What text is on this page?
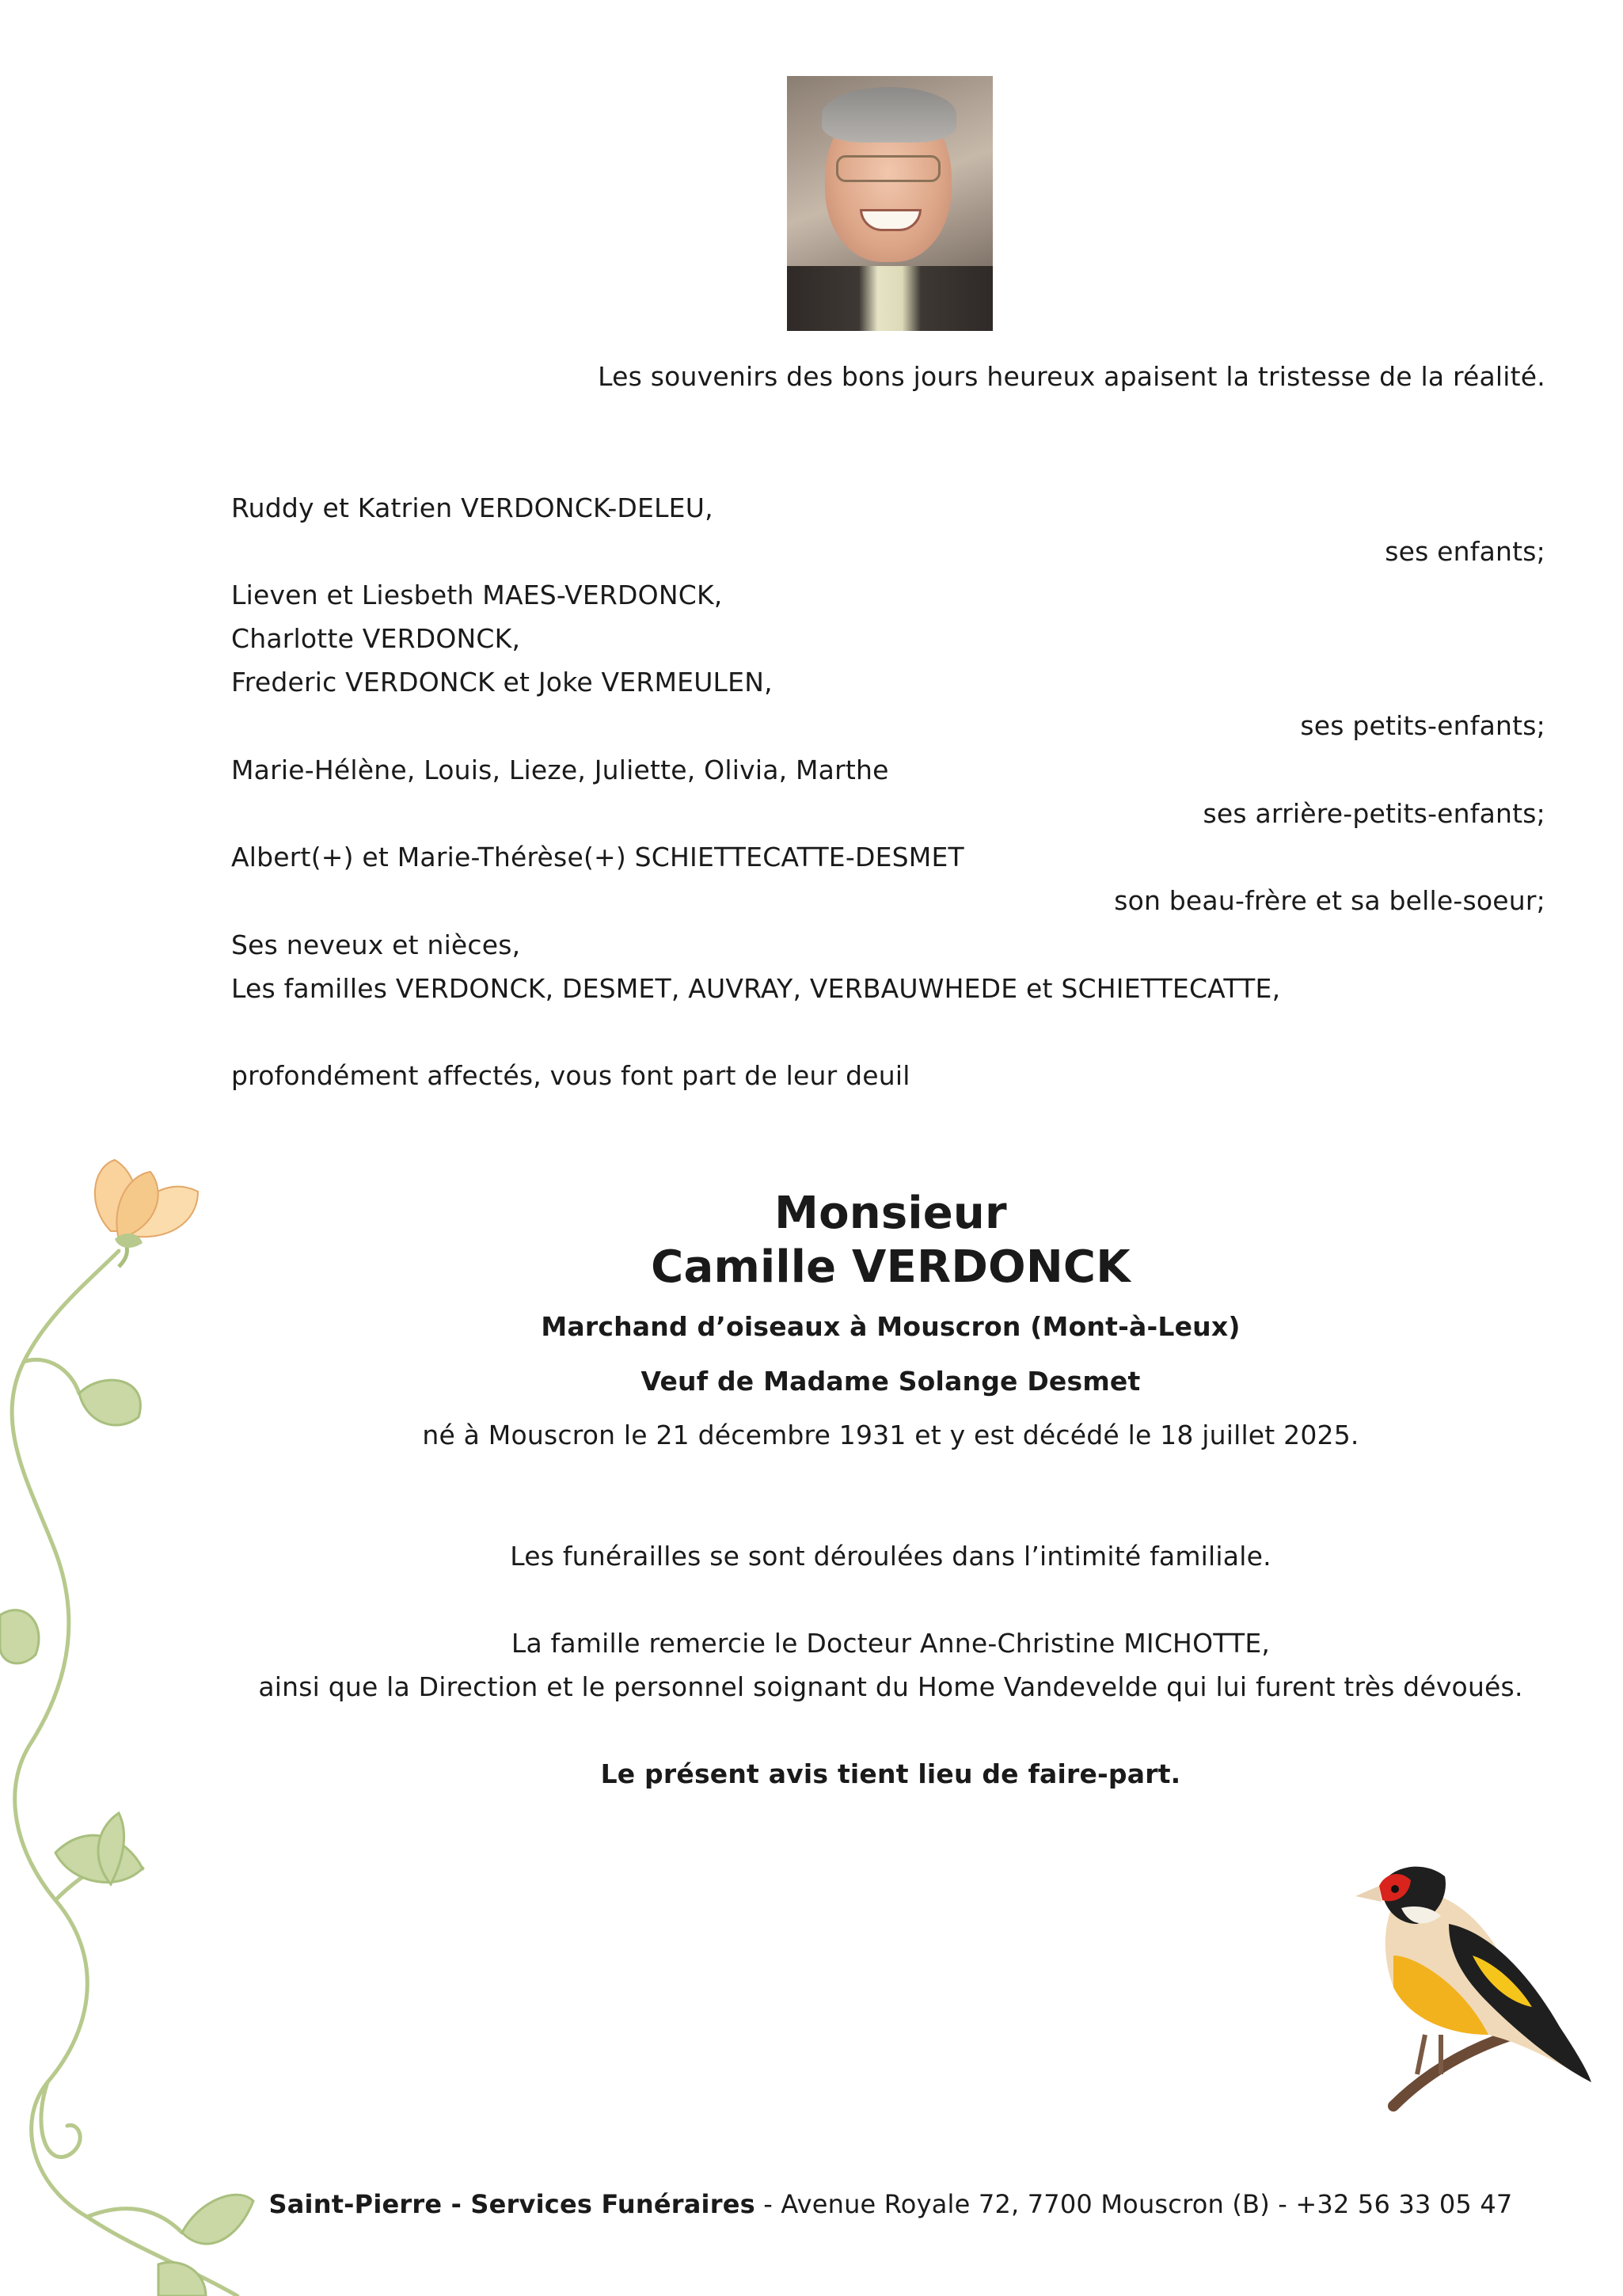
Les souvenirs des bons jours heureux apaisent la tristesse de la réalité.
Ruddy et Katrien VERDONCK-DELEU,
ses enfants;
Lieven et Liesbeth MAES-VERDONCK,
Charlotte VERDONCK,
Frederic VERDONCK et Joke VERMEULEN,
ses petits-enfants;
Marie-Hélène, Louis, Lieze, Juliette, Olivia, Marthe
ses arrière-petits-enfants;
Albert(+) et Marie-Thérèse(+) SCHIETTECATTE-DESMET
son beau-frère et sa belle-soeur;
Ses neveux et nièces,
Les familles VERDONCK, DESMET, AUVRAY, VERBAUWHEDE et SCHIETTECATTE,
profondément affectés, vous font part de leur deuil
Monsieur
Camille VERDONCK
Marchand d’oiseaux à Mouscron (Mont-à-Leux)
Veuf de Madame Solange Desmet
né à Mouscron le 21 décembre 1931 et y est décédé le 18 juillet 2025.
Les funérailles se sont déroulées dans l’intimité familiale.
La famille remercie le Docteur Anne-Christine MICHOTTE,
ainsi que la Direction et le personnel soignant du Home Vandevelde qui lui furent très dévoués.
Le présent avis tient lieu de faire-part.
Saint-Pierre - Services Funéraires - Avenue Royale 72, 7700 Mouscron (B) - +32 56 33 05 47
